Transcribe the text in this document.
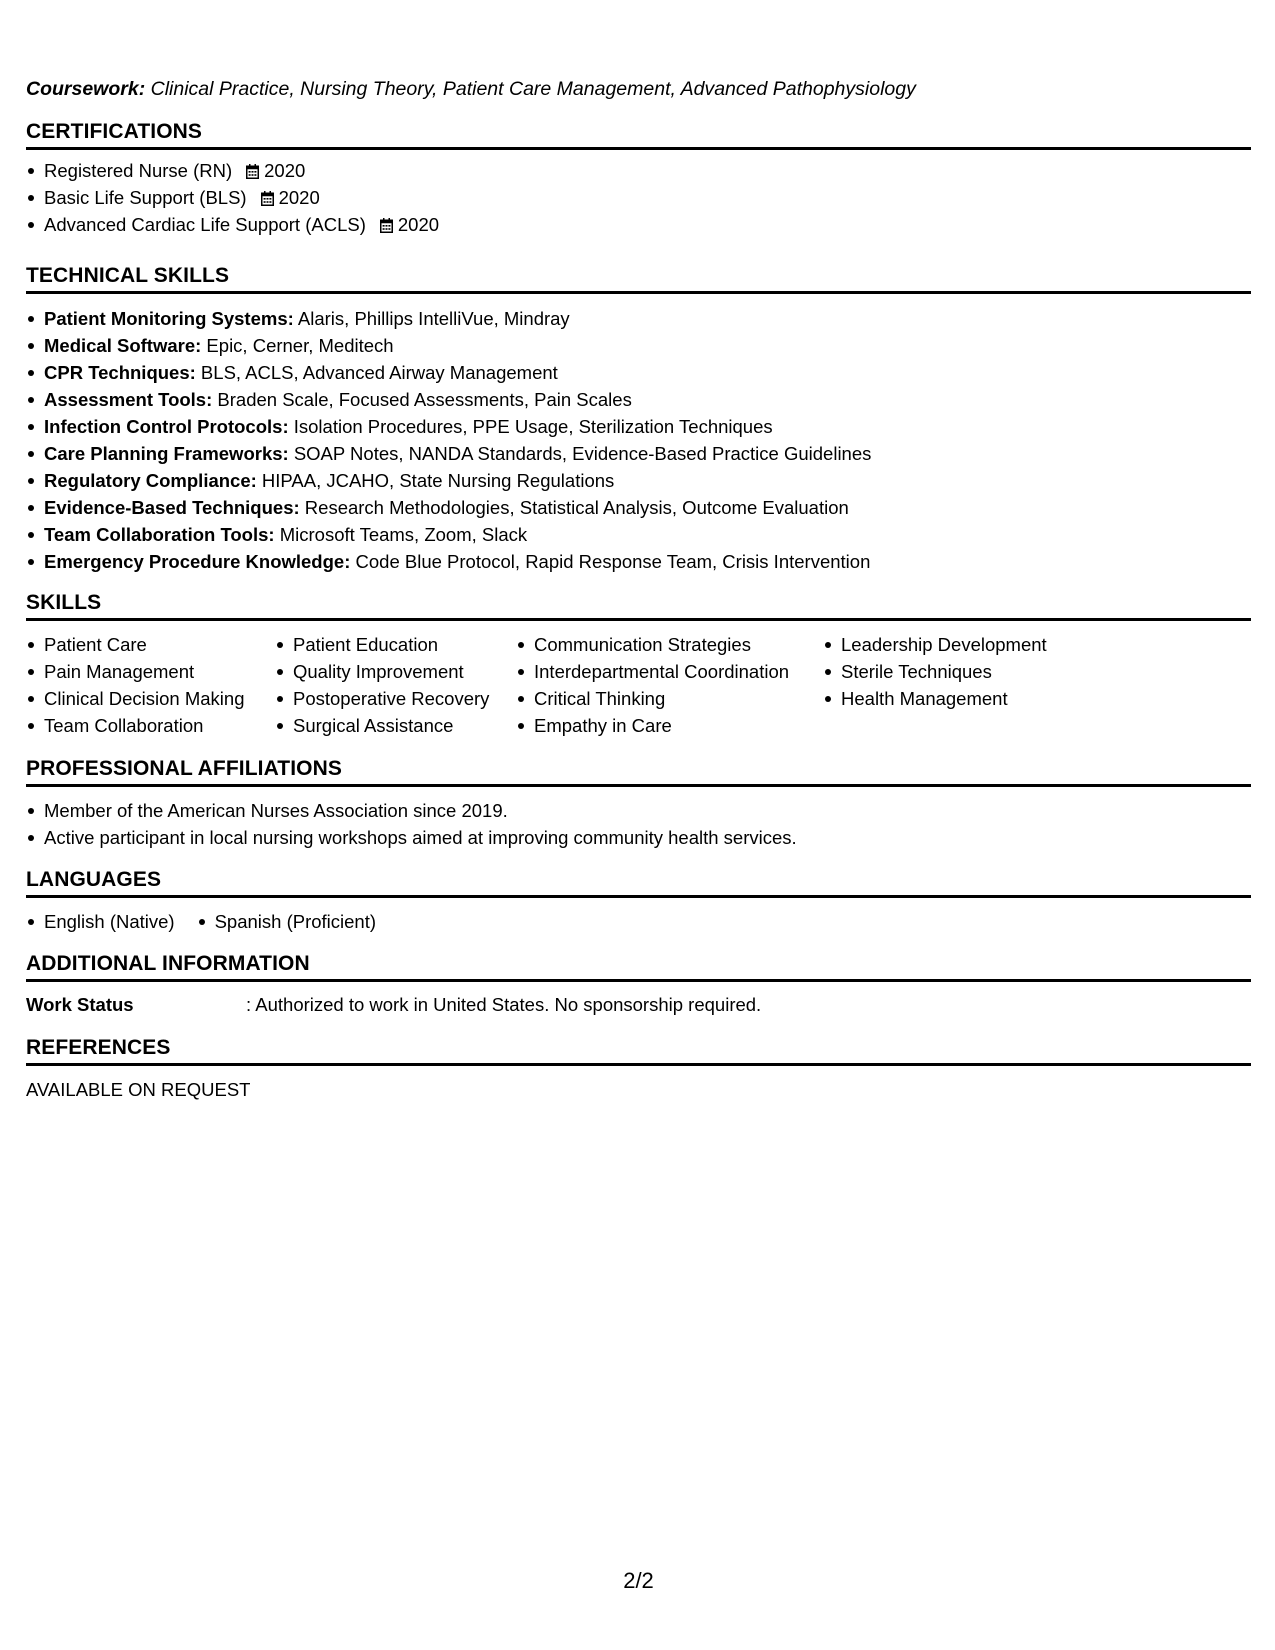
Coursework: Clinical Practice, Nursing Theory, Patient Care Management, Advanced Pathophysiology
CERTIFICATIONS
Registered Nurse (RN) 2020
Basic Life Support (BLS) 2020
Advanced Cardiac Life Support (ACLS) 2020
TECHNICAL SKILLS
Patient Monitoring Systems: Alaris, Phillips IntelliVue, Mindray
Medical Software: Epic, Cerner, Meditech
CPR Techniques: BLS, ACLS, Advanced Airway Management
Assessment Tools: Braden Scale, Focused Assessments, Pain Scales
Infection Control Protocols: Isolation Procedures, PPE Usage, Sterilization Techniques
Care Planning Frameworks: SOAP Notes, NANDA Standards, Evidence-Based Practice Guidelines
Regulatory Compliance: HIPAA, JCAHO, State Nursing Regulations
Evidence-Based Techniques: Research Methodologies, Statistical Analysis, Outcome Evaluation
Team Collaboration Tools: Microsoft Teams, Zoom, Slack
Emergency Procedure Knowledge: Code Blue Protocol, Rapid Response Team, Crisis Intervention
SKILLS
Patient Care
Pain Management
Clinical Decision Making
Team Collaboration
Patient Education
Quality Improvement
Postoperative Recovery
Surgical Assistance
Communication Strategies
Interdepartmental Coordination
Critical Thinking
Empathy in Care
Leadership Development
Sterile Techniques
Health Management
PROFESSIONAL AFFILIATIONS
Member of the American Nurses Association since 2019.
Active participant in local nursing workshops aimed at improving community health services.
LANGUAGES
English (Native)	Spanish (Proficient)
ADDITIONAL INFORMATION
Work Status	: Authorized to work in United States. No sponsorship required.
REFERENCES
AVAILABLE ON REQUEST
2/2
